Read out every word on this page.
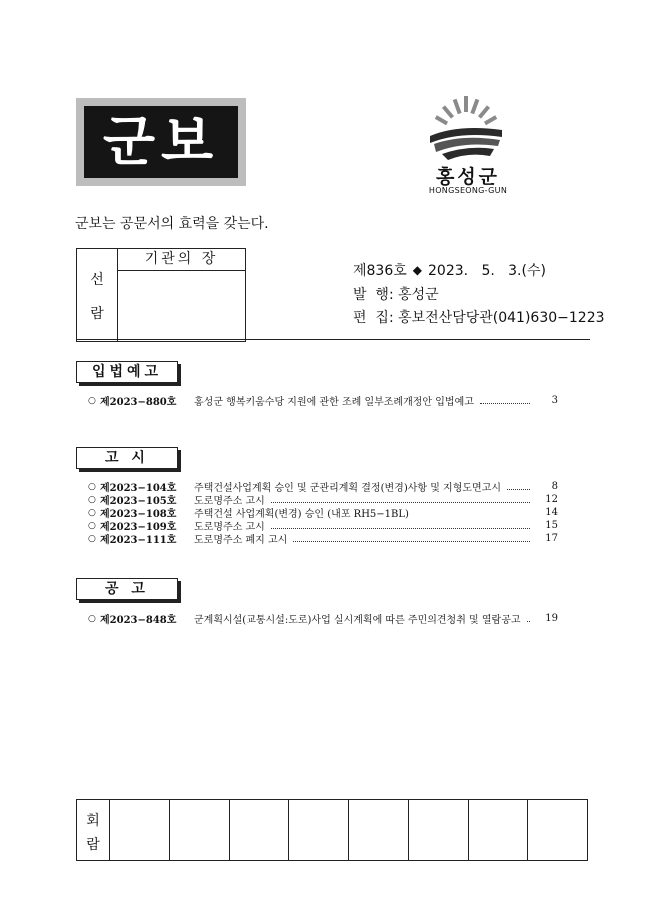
군보
홍성군
HONGSEONG-GUN
군보는 공문서의 효력을 갖는다.
선
람
기관의 장
제836호 ◆ 2023.   5.   3.(수)
발  행: 홍성군
편  집: 홍보전산담당관(041)630−1223
입법예고
○ 제2023−880호	홍성군 행복키움수당 지원에 관한 조례 일부조례개정안 입법예고	3
고 시
○ 제2023−104호	주택건설사업계획 승인 및 군관리계획 결정(변경)사항 및 지형도면고시	8
○ 제2023−105호	도로명주소 고시	12
○ 제2023−108호	주택건설 사업계획(변경) 승인 (내포 RH5−1BL)	14
○ 제2023−109호	도로명주소 고시	15
○ 제2023−111호	도로명주소 폐지 고시	17
공 고
○ 제2023−848호	군계획시설(교통시설:도로)사업 실시계획에 따른 주민의견청취 및 열람공고	19
회
람
